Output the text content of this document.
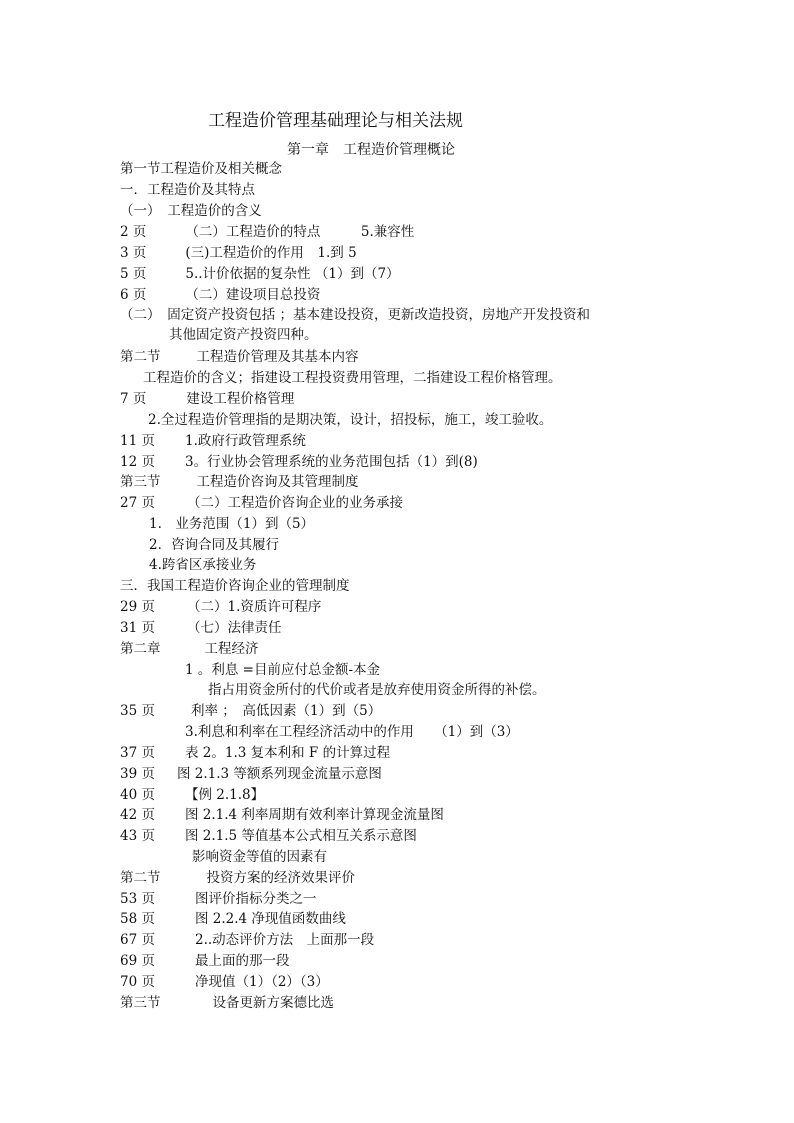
工程造价管理基础理论与相关法规
第一章　工程造价管理概论
第一节工程造价及相关概念
一．工程造价及其特点
（一）　工程造价的含义
2 页	（二）工程造价的特点　　　5.兼容性
3 页	(三)工程造价的作用　1.到 5
5 页	5..计价依据的复杂性 （1）到（7）
6 页	（二）建设项目总投资
（二）　固定资产投资包括 ；基本建设投资，更新改造投资，房地产开发投资和
其他固定资产投资四种。
第二节	工程造价管理及其基本内容
工程造价的含义；指建设工程投资费用管理，二指建设工程价格管理。
7 页	建设工程价格管理
2.全过程造价管理指的是期决策，设计，招投标，施工，竣工验收。
11 页 1.政府行政管理系统
12 页 3。行业协会管理系统的业务范围包括（1）到(8)
第三节	工程造价咨询及其管理制度
27 页 （二）工程造价咨询企业的业务承接
1.　业务范围（1）到（5）
2．咨询合同及其履行
4.跨省区承接业务
三．我国工程造价咨询企业的管理制度
29 页 （二）1.资质许可程序
31 页 （七）法律责任
第二章	工程经济
1 。利息 =目前应付总金额-本金
指占用资金所付的代价或者是放弃使用资金所得的补偿。
35 页	利率 ；　高低因素（1）到（5）
3.利息和利率在工程经济活动中的作用　　（1）到（3）
37 页 表 2。1.3 复本利和 F 的计算过程
39 页 图 2.1.3 等额系列现金流量示意图
40 页 【例 2.1.8】
42 页 图 2.1.4 利率周期有效利率计算现金流量图
43 页 图 2.1.5 等值基本公式相互关系示意图
影响资金等值的因素有
第二节	投资方案的经济效果评价
53 页	图评价指标分类之一
58 页	图 2.2.4 净现值函数曲线
67 页	2..动态评价方法　上面那一段
69 页	最上面的那一段
70 页	净现值（1）（2）（3）
第三节	设备更新方案德比选
